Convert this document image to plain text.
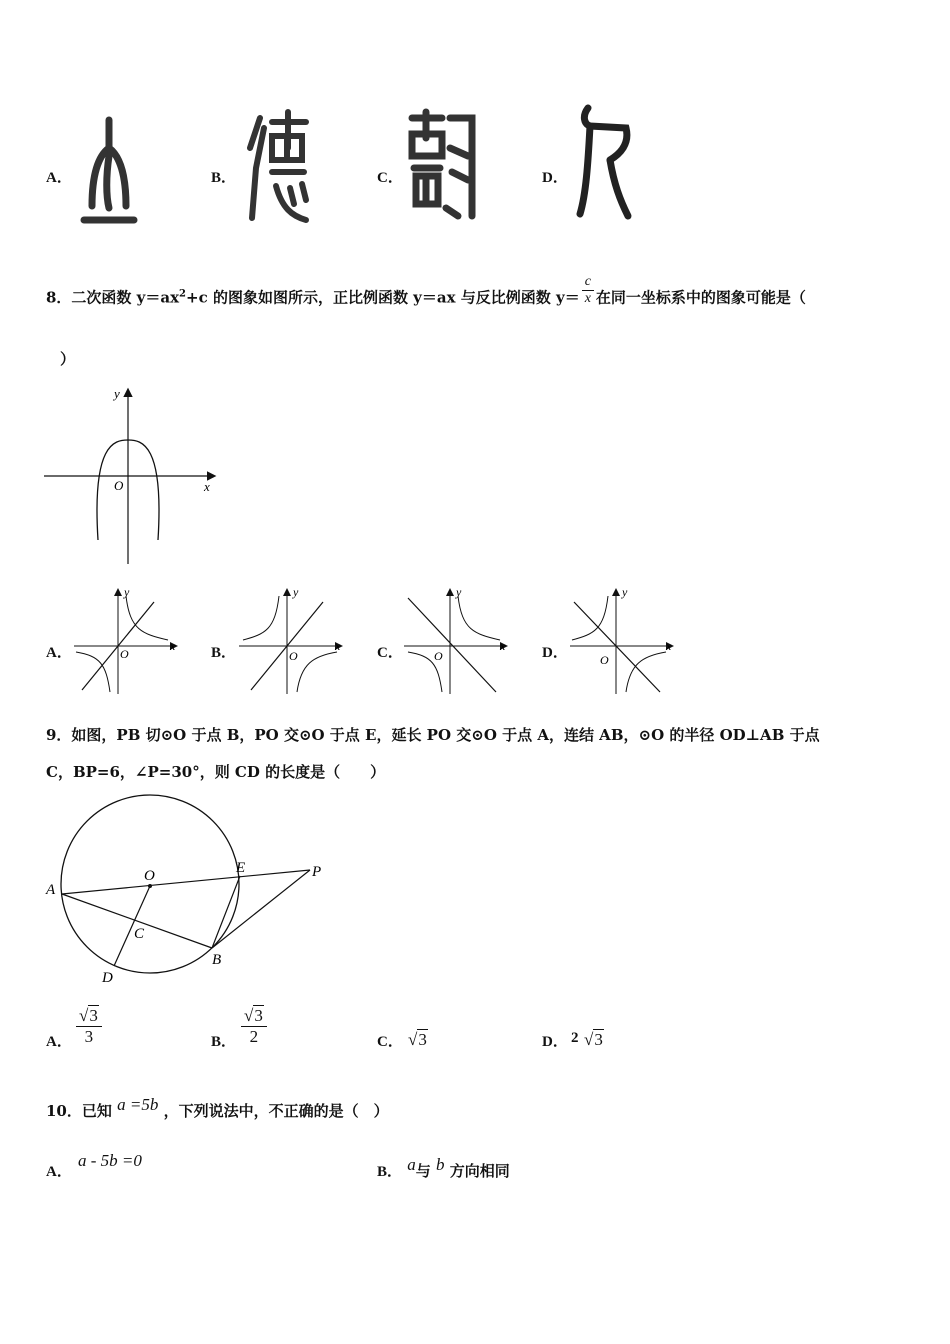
A．	B．	C．	D．
8．二次函数 $y=ax^2+c$ 的图象如图所示，正比例函数 y＝ax 与反比例函数 $y= \frac{c}{x}$ 在同一坐标系中的图象可能是（
）
O	x
y
A．	O
x
y
B．	O
x
y
C．	O
x
y
D．	O
x
y
9．如图，PB 切⊙O 于点 B，PO 交⊙O 于点 E，延长 PO 交⊙O 于点 A，连结 AB，⊙O 的半径 OD⊥AB 于点
C，BP=6，∠P=30°，则 CD 的长度是（　　）
A
O	E	P
C
B
D
A． $\frac{√3}{3}$	B． $\frac{√3}{2}$	C． √3	D． 2 √3
10．已知 a =5b ，下列说法中，不正确的是（　）
A．
a - 5b =0
B． a与 b 方向相同
